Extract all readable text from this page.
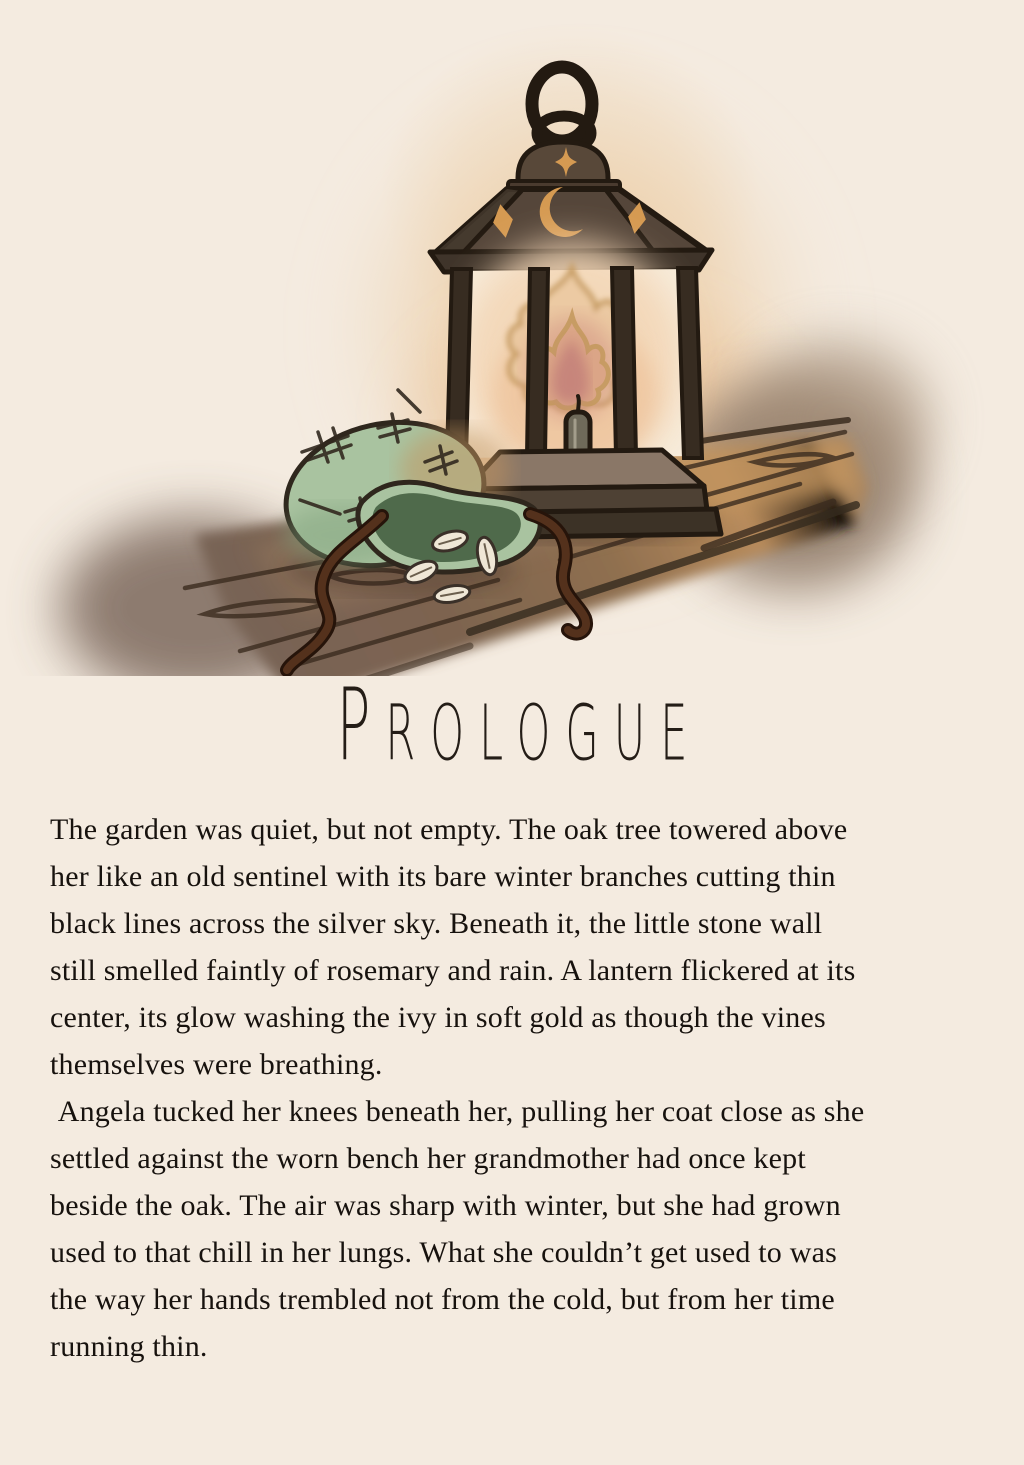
PROLOGUE

The garden was quiet, but not empty. The oak tree towered above
her like an old sentinel with its bare winter branches cutting thin
black lines across the silver sky. Beneath it, the little stone wall
still smelled faintly of rosemary and rain. A lantern flickered at its
center, its glow washing the ivy in soft gold as though the vines
themselves were breathing.

Angela tucked her knees beneath her, pulling her coat close as she
settled against the worn bench her grandmother had once kept
beside the oak. The air was sharp with winter, but she had grown
used to that chill in her lungs. What she couldn’t get used to was
the way her hands trembled not from the cold, but from her time
running thin.
